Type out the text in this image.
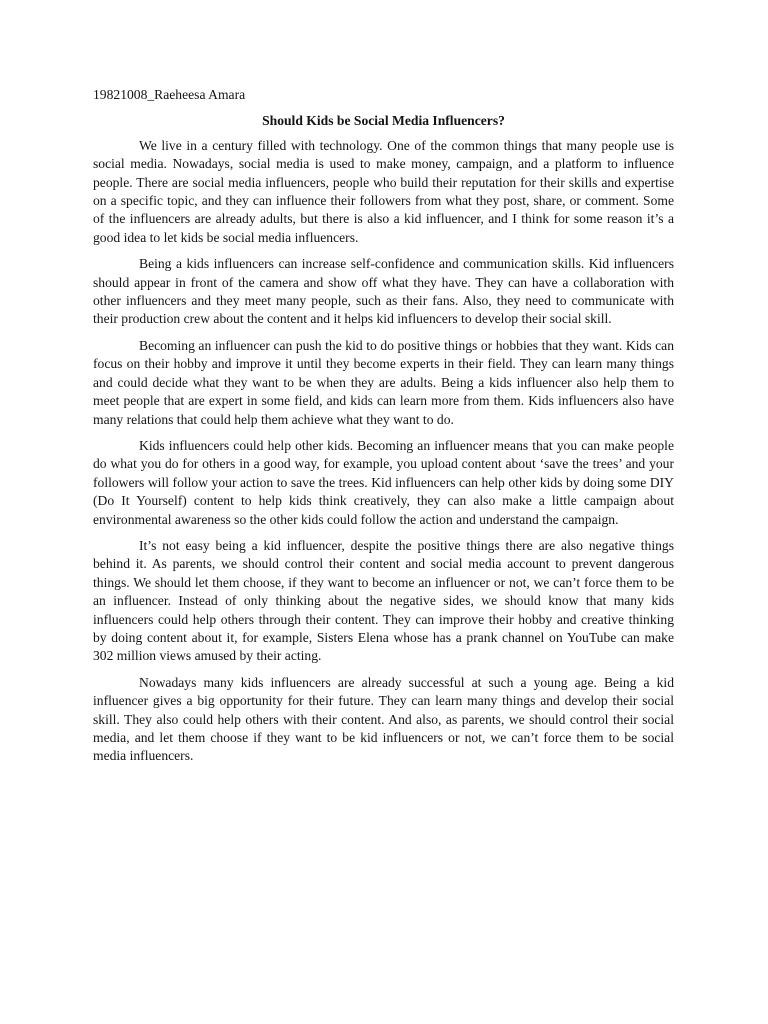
19821008_Raeheesa Amara

Should Kids be Social Media Influencers?

We live in a century filled with technology. One of the common things that many people use is social media. Nowadays, social media is used to make money, campaign, and a platform to influence people. There are social media influencers, people who build their reputation for their skills and expertise on a specific topic, and they can influence their followers from what they post, share, or comment. Some of the influencers are already adults, but there is also a kid influencer, and I think for some reason it’s a good idea to let kids be social media influencers.

Being a kids influencers can increase self-confidence and communication skills. Kid influencers should appear in front of the camera and show off what they have. They can have a collaboration with other influencers and they meet many people, such as their fans. Also, they need to communicate with their production crew about the content and it helps kid influencers to develop their social skill.

Becoming an influencer can push the kid to do positive things or hobbies that they want. Kids can focus on their hobby and improve it until they become experts in their field. They can learn many things and could decide what they want to be when they are adults. Being a kids influencer also help them to meet people that are expert in some field, and kids can learn more from them. Kids influencers also have many relations that could help them achieve what they want to do.

Kids influencers could help other kids. Becoming an influencer means that you can make people do what you do for others in a good way, for example, you upload content about ‘save the trees’ and your followers will follow your action to save the trees. Kid influencers can help other kids by doing some DIY (Do It Yourself) content to help kids think creatively, they can also make a little campaign about environmental awareness so the other kids could follow the action and understand the campaign.

It’s not easy being a kid influencer, despite the positive things there are also negative things behind it. As parents, we should control their content and social media account to prevent dangerous things. We should let them choose, if they want to become an influencer or not, we can’t force them to be an influencer. Instead of only thinking about the negative sides, we should know that many kids influencers could help others through their content. They can improve their hobby and creative thinking by doing content about it, for example, Sisters Elena whose has a prank channel on YouTube can make 302 million views amused by their acting.

Nowadays many kids influencers are already successful at such a young age. Being a kid influencer gives a big opportunity for their future. They can learn many things and develop their social skill. They also could help others with their content. And also, as parents, we should control their social media, and let them choose if they want to be kid influencers or not, we can’t force them to be social media influencers.
